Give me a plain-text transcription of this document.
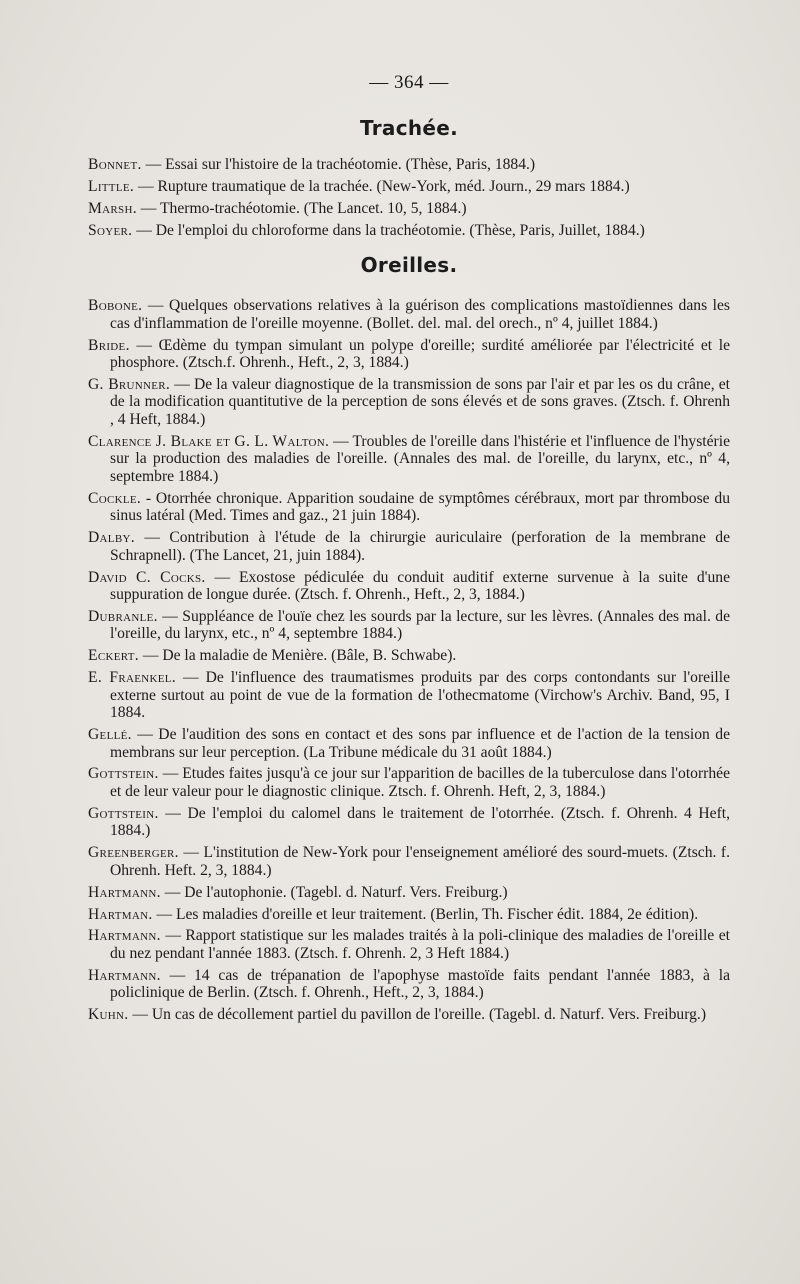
— 364 —
Trachée.

Bonnet. — Essai sur l'histoire de la trachéotomie. (Thèse, Paris, 1884.)

Little. — Rupture traumatique de la trachée. (New-York, méd. Journ., 29 mars 1884.)

Marsh. — Thermo-trachéotomie. (The Lancet. 10, 5, 1884.)

Soyer. — De l'emploi du chloroforme dans la trachéotomie. (Thèse, Paris, Juillet, 1884.)

Oreilles.

Bobone. — Quelques observations relatives à la guérison des complications mastoïdiennes dans les cas d'inflammation de l'oreille moyenne. (Bollet. del. mal. del orech., nº 4, juillet 1884.)

Bride. — Œdème du tympan simulant un polype d'oreille; surdité améliorée par l'électricité et le phosphore. (Ztsch.f. Ohrenh., Heft., 2, 3, 1884.)

G. Brunner. — De la valeur diagnostique de la transmission de sons par l'air et par les os du crâne, et de la modification quantitutive de la perception de sons élevés et de sons graves. (Ztsch. f. Ohrenh , 4 Heft, 1884.)

Clarence J. Blake et G. L. Walton. — Troubles de l'oreille dans l'histérie et l'influence de l'hystérie sur la production des maladies de l'oreille. (Annales des mal. de l'oreille, du larynx, etc., nº 4, septembre 1884.)

Cockle. - Otorrhée chronique. Apparition soudaine de symptômes cérébraux, mort par thrombose du sinus latéral (Med. Times and gaz., 21 juin 1884).

Dalby. — Contribution à l'étude de la chirurgie auriculaire (perforation de la membrane de Schrapnell). (The Lancet, 21, juin 1884).

David C. Cocks. — Exostose pédiculée du conduit auditif externe survenue à la suite d'une suppuration de longue durée. (Ztsch. f. Ohrenh., Heft., 2, 3, 1884.)

Dubranle. — Suppléance de l'ouïe chez les sourds par la lecture, sur les lèvres. (Annales des mal. de l'oreille, du larynx, etc., nº 4, septembre 1884.)

Eckert. — De la maladie de Menière. (Bâle, B. Schwabe).

E. Fraenkel. — De l'influence des traumatismes produits par des corps contondants sur l'oreille externe surtout au point de vue de la formation de l'othecmatome (Virchow's Archiv. Band, 95, I 1884.

Gellé. — De l'audition des sons en contact et des sons par influence et de l'action de la tension de membrans sur leur perception. (La Tribune médicale du 31 août 1884.)

Gottstein. — Etudes faites jusqu'à ce jour sur l'apparition de bacilles de la tuberculose dans l'otorrhée et de leur valeur pour le diagnostic clinique. Ztsch. f. Ohrenh. Heft, 2, 3, 1884.)

Gottstein. — De l'emploi du calomel dans le traitement de l'otorrhée. (Ztsch. f. Ohrenh. 4 Heft, 1884.)

Greenberger. — L'institution de New-York pour l'enseignement amélioré des sourd-muets. (Ztsch. f. Ohrenh. Heft. 2, 3, 1884.)

Hartmann. — De l'autophonie. (Tagebl. d. Naturf. Vers. Freiburg.)

Hartman. — Les maladies d'oreille et leur traitement. (Berlin, Th. Fischer édit. 1884, 2e édition).

Hartmann. — Rapport statistique sur les malades traités à la poli-clinique des maladies de l'oreille et du nez pendant l'année 1883. (Ztsch. f. Ohrenh. 2, 3 Heft 1884.)

Hartmann. — 14 cas de trépanation de l'apophyse mastoïde faits pendant l'année 1883, à la policlinique de Berlin. (Ztsch. f. Ohrenh., Heft., 2, 3, 1884.)

Kuhn. — Un cas de décollement partiel du pavillon de l'oreille. (Tagebl. d. Naturf. Vers. Freiburg.)
